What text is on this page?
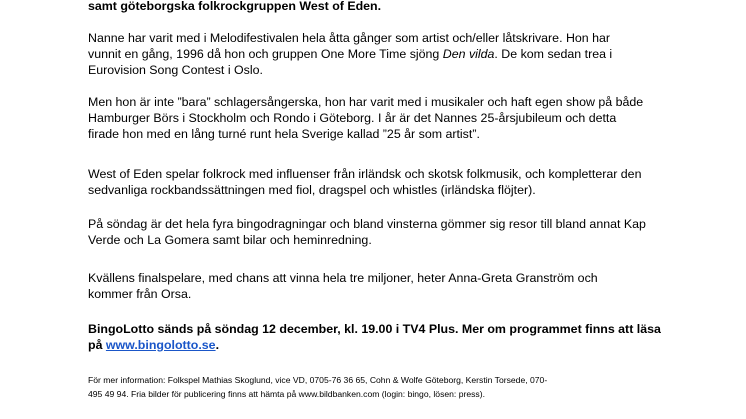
samt göteborgska folkrockgruppen West of Eden.

Nanne har varit med i Melodifestivalen hela åtta gånger som artist och/eller låtskrivare. Hon har
vunnit en gång, 1996 då hon och gruppen One More Time sjöng Den vilda. De kom sedan trea i
Eurovision Song Contest i Oslo.

Men hon är inte ”bara” schlagersångerska, hon har varit med i musikaler och haft egen show på både
Hamburger Börs i Stockholm och Rondo i Göteborg. I år är det Nannes 25-årsjubileum och detta
firade hon med en lång turné runt hela Sverige kallad ”25 år som artist”.

West of Eden spelar folkrock med influenser från irländsk och skotsk folkmusik, och kompletterar den
sedvanliga rockbandssättningen med fiol, dragspel och whistles (irländska flöjter).

På söndag är det hela fyra bingodragningar och bland vinsterna gömmer sig resor till bland annat Kap
Verde och La Gomera samt bilar och heminredning.

Kvällens finalspelare, med chans att vinna hela tre miljoner, heter Anna-Greta Granström och
kommer från Orsa.

BingoLotto sänds på söndag 12 december, kl. 19.00 i TV4 Plus. Mer om programmet finns att läsa
på www.bingolotto.se.

För mer information: Folkspel Mathias Skoglund, vice VD, 0705-76 36 65, Cohn & Wolfe Göteborg, Kerstin Torsede, 070-
495 49 94. Fria bilder för publicering finns att hämta på www.bildbanken.com (login: bingo, lösen: press).
